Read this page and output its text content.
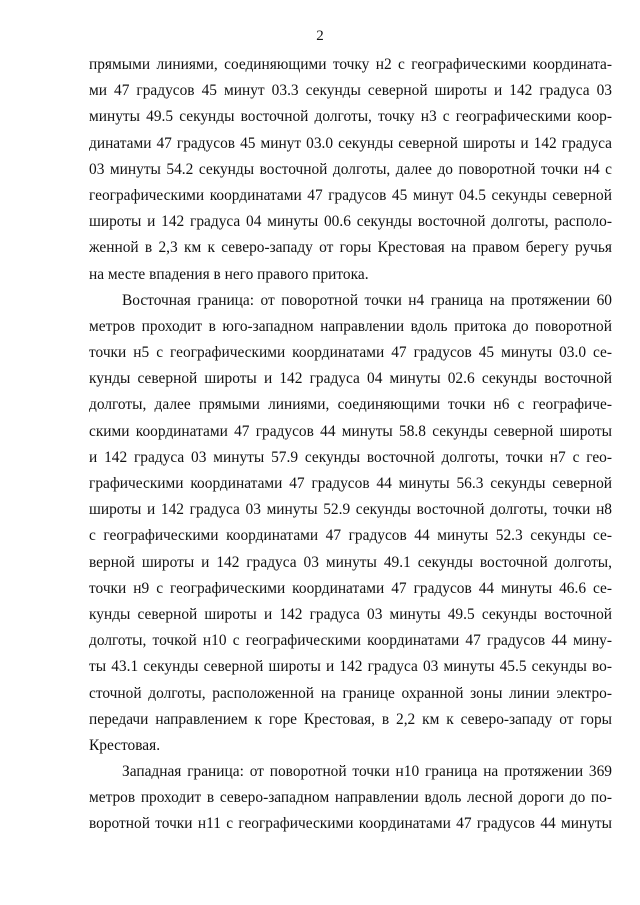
2
прямыми линиями, соединяющими точку н2 с географическими координата-
ми 47 градусов 45 минут 03.3 секунды северной широты и 142 градуса 03
минуты 49.5 секунды восточной долготы, точку н3 с географическими коор-
динатами 47 градусов 45 минут 03.0 секунды северной широты и 142 градуса
03 минуты 54.2 секунды восточной долготы, далее до поворотной точки н4 с
географическими координатами 47 градусов 45 минут 04.5 секунды северной
широты и 142 градуса 04 минуты 00.6 секунды восточной долготы, располо-
женной в 2,3 км к северо-западу от горы Крестовая на правом берегу ручья
на месте впадения в него правого притока.
Восточная граница: от поворотной точки н4 граница на протяжении 60
метров проходит в юго-западном направлении вдоль притока до поворотной
точки н5 с географическими координатами 47 градусов 45 минуты 03.0 се-
кунды северной широты и 142 градуса 04 минуты 02.6 секунды восточной
долготы, далее прямыми линиями, соединяющими точки н6 с географиче-
скими координатами 47 градусов 44 минуты 58.8 секунды северной широты
и 142 градуса 03 минуты 57.9 секунды восточной долготы, точки н7 с гео-
графическими координатами 47 градусов 44 минуты 56.3 секунды северной
широты и 142 градуса 03 минуты 52.9 секунды восточной долготы, точки н8
с географическими координатами 47 градусов 44 минуты 52.3 секунды се-
верной широты и 142 градуса 03 минуты 49.1 секунды восточной долготы,
точки н9 с географическими координатами 47 градусов 44 минуты 46.6 се-
кунды северной широты и 142 градуса 03 минуты 49.5 секунды восточной
долготы, точкой н10 с географическими координатами 47 градусов 44 мину-
ты 43.1 секунды северной широты и 142 градуса 03 минуты 45.5 секунды во-
сточной долготы, расположенной на границе охранной зоны линии электро-
передачи направлением к горе Крестовая, в 2,2 км к северо-западу от горы
Крестовая.
Западная граница: от поворотной точки н10 граница на протяжении 369
метров проходит в северо-западном направлении вдоль лесной дороги до по-
воротной точки н11 с географическими координатами 47 градусов 44 минуты
